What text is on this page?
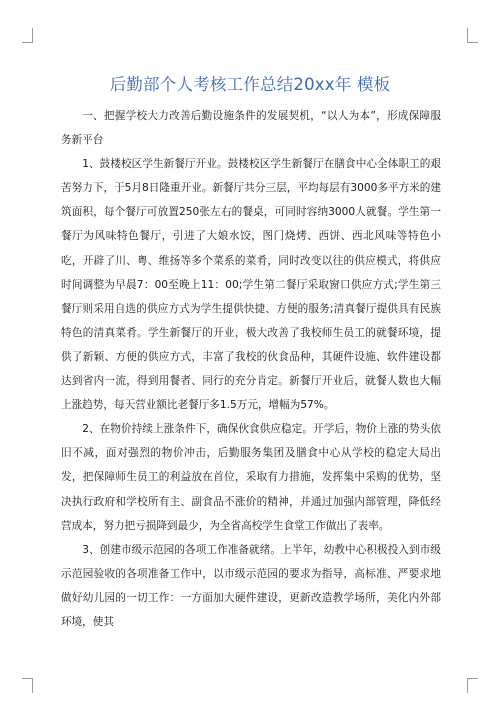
后勤部个人考核工作总结20xx年 模板

一、把握学校大力改善后勤设施条件的发展契机，“以人为本”，形成保障服务新平台

1、鼓楼校区学生新餐厅开业。鼓楼校区学生新餐厅在膳食中心全体职工的艰苦努力下，于5月8日隆重开业。新餐厅共分三层，平均每层有3000多平方米的建筑面积，每个餐厅可放置250张左右的餐桌，可同时容纳3000人就餐。学生第一餐厅为风味特色餐厅，引进了大娘水饺，图门烧烤、西饼、西北风味等特色小吃，开辟了川、粤、维扬等多个菜系的菜肴，同时改变以往的供应模式，将供应时间调整为早晨7：00至晚上11：00;学生第二餐厅采取窗口供应方式;学生第三餐厅则采用自选的供应方式为学生提供快捷、方便的服务;清真餐厅提供具有民族特色的清真菜肴。学生新餐厅的开业，极大改善了我校师生员工的就餐环境，提供了新颖、方便的供应方式，丰富了我校的伙食品种，其硬件设施、软件建设都达到省内一流，得到用餐者、同行的充分肯定。新餐厅开业后，就餐人数也大幅上涨趋势，每天营业额比老餐厅多1.5万元，增幅为57%。

2、在物价持续上涨条件下，确保伙食供应稳定。开学后，物价上涨的势头依旧不减，面对强烈的物价冲击，后勤服务集团及膳食中心从学校的稳定大局出发，把保障师生员工的利益放在首位，采取有力措施，发挥集中采购的优势，坚决执行政府和学校所有主、副食品不涨价的精神，并通过加强内部管理，降低经营成本，努力把亏损降到最少，为全省高校学生食堂工作做出了表率。

3、创建市级示范园的各项工作准备就绪。上半年，幼教中心积极投入到市级示范园验收的各项准备工作中，以市级示范园的要求为指导，高标准、严要求地做好幼儿园的一切工作：一方面加大硬件建设，更新改造教学场所，美化内外部环境，使其
